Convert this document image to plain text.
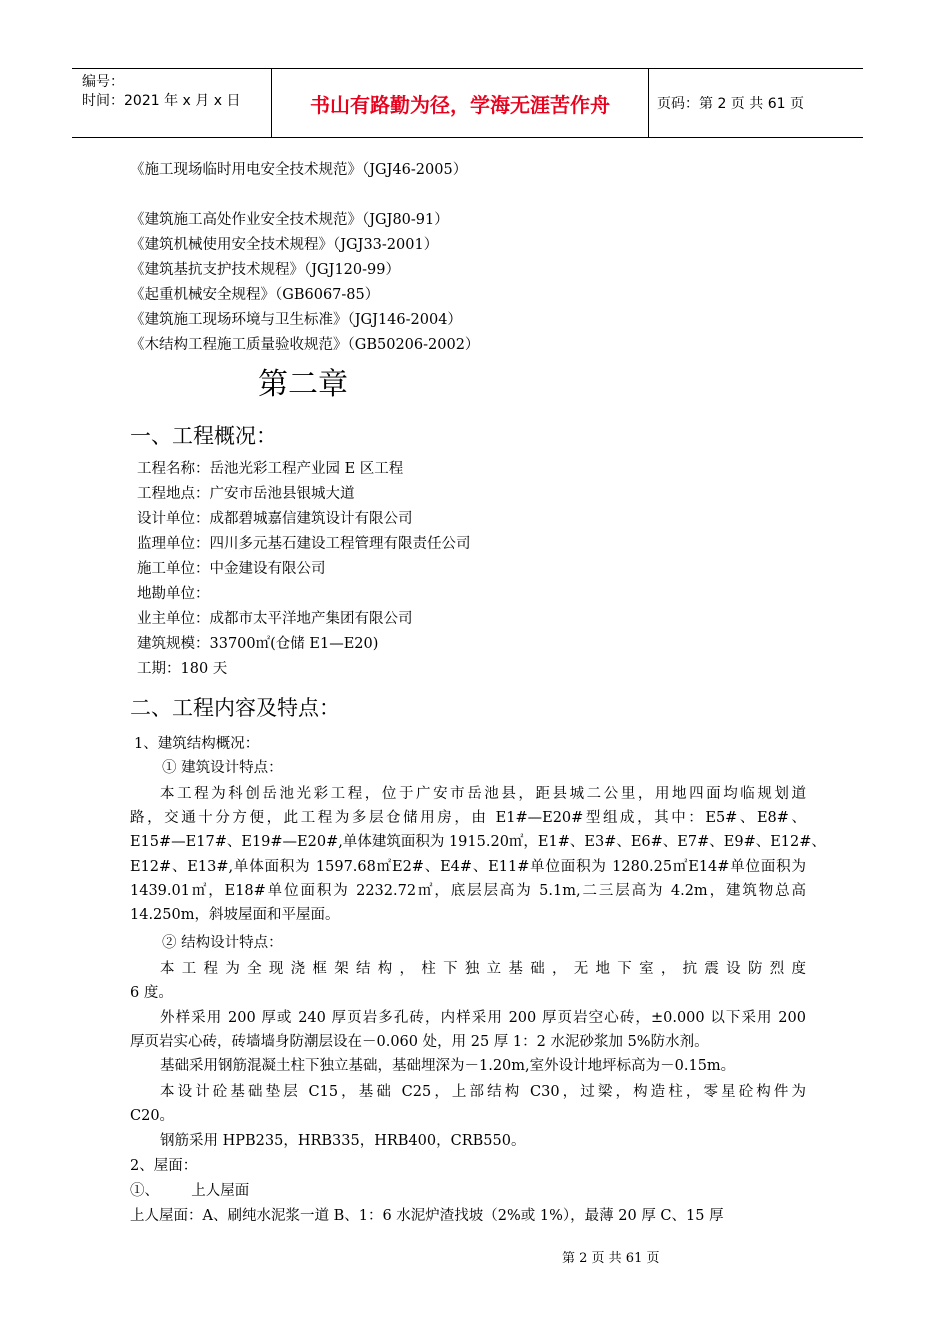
编号：
时间：2021 年 x 月 x 日	书山有路勤为径，学海无涯苦作舟	页码：第 2 页 共 61 页
《施工现场临时用电安全技术规范》（JGJ46-2005）
《建筑施工高处作业安全技术规范》（JGJ80-91）
《建筑机械使用安全技术规程》（JGJ33-2001）
《建筑基抗支护技术规程》（JGJ120-99）
《起重机械安全规程》（GB6067-85）
《建筑施工现场环境与卫生标准》（JGJ146-2004）
《木结构工程施工质量验收规范》（GB50206-2002）
第二章
一、工程概况：
工程名称：岳池光彩工程产业园 E 区工程
工程地点：广安市岳池县银城大道
设计单位：成都碧城嘉信建筑设计有限公司
监理单位：四川多元基石建设工程管理有限责任公司
施工单位：中金建设有限公司
地勘单位：
业主单位：成都市太平洋地产集团有限公司
建筑规模：33700㎡(仓储 E1—E20)
工期：180 天
二、工程内容及特点：
1、建筑结构概况：
① 建筑设计特点：
本工程为科创岳池光彩工程，位于广安市岳池县，距县城二公里，用地四面均临规划道
路，交通十分方便，此工程为多层仓储用房，由 E1#—E20#型组成，其中：E5#、E8#、
E15#—E17#、E19#—E20#,单体建筑面积为 1915.20㎡，E1#、E3#、E6#、E7#、E9#、E12#、
E12#、E13#,单体面积为 1597.68㎡E2#、E4#、E11#单位面积为 1280.25㎡E14#单位面积为
1439.01㎡，E18#单位面积为 2232.72㎡，底层层高为 5.1m,二三层高为 4.2m，建筑物总高
14.250m，斜坡屋面和平屋面。
② 结构设计特点：
本工程为全现浇框架结构，柱下独立基础，无地下室，抗震设防烈度
6 度。
外样采用 200 厚或 240 厚页岩多孔砖，内样采用 200 厚页岩空心砖，±0.000 以下采用 200
厚页岩实心砖，砖墙墙身防潮层设在－0.060 处，用 25 厚 1：2 水泥砂浆加 5%防水剂。
基础采用钢筋混凝土柱下独立基础，基础埋深为－1.20m,室外设计地坪标高为－0.15m。
本设计砼基础垫层 C15，基础 C25，上部结构 C30，过梁，构造柱，零星砼构件为
C20。
钢筋采用 HPB235，HRB335，HRB400，CRB550。
2、屋面：
①、       上人屋面
上人屋面：A、刷纯水泥浆一道 B、1：6 水泥炉渣找坡（2%或 1%），最薄 20 厚 C、15 厚
第 2 页 共 61 页
